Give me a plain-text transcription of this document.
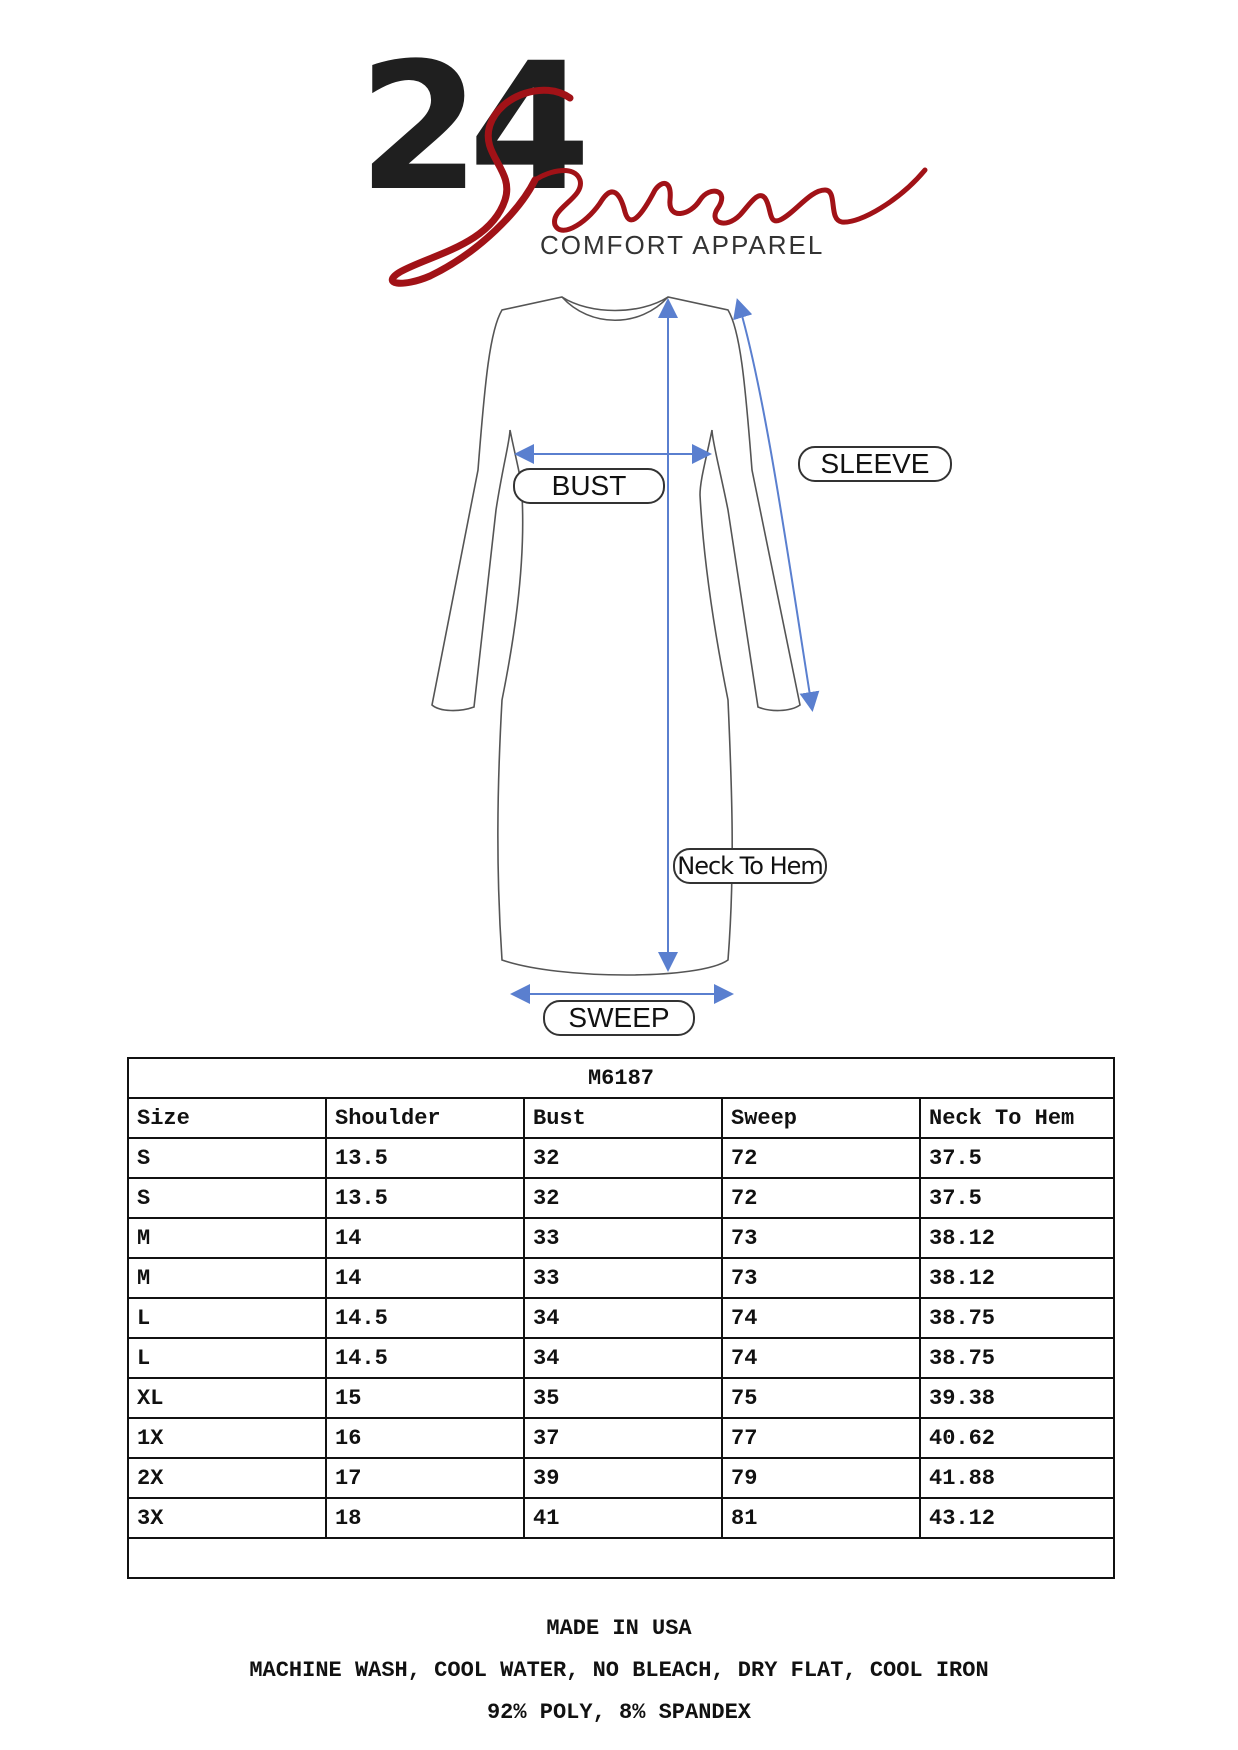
24
COMFORT APPAREL
BUST
SLEEVE
Neck To Hem
SWEEP
M6187				
Size	Shoulder	Bust	Sweep	Neck To Hem
S	13.5	32	72	37.5
S	13.5	32	72	37.5
M	14	33	73	38.12
M	14	33	73	38.12
L	14.5	34	74	38.75
L	14.5	34	74	38.75
XL	15	35	75	39.38
1X	16	37	77	40.62
2X	17	39	79	41.88
3X	18	41	81	43.12

MADE IN USA
MACHINE WASH, COOL WATER, NO BLEACH, DRY FLAT, COOL IRON
92% POLY, 8% SPANDEX
